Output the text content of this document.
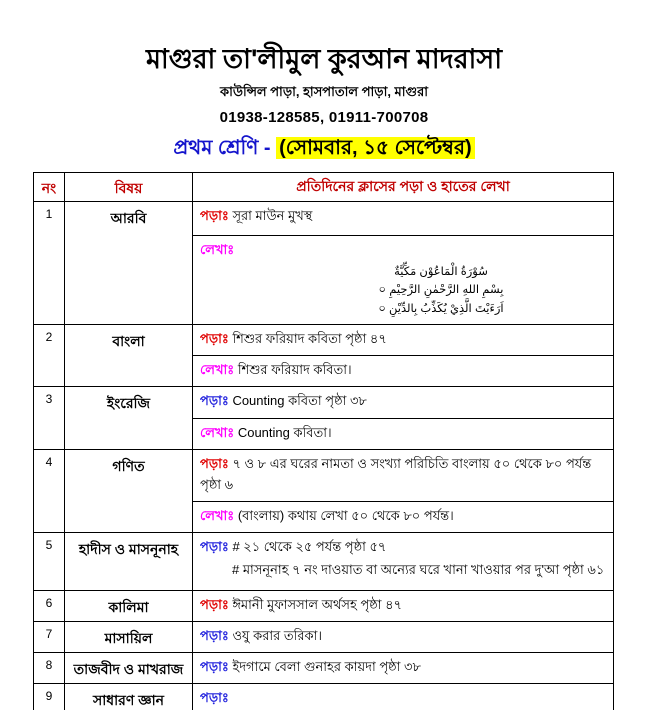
মাগুরা তা'লীমুল কুরআন মাদরাসা
কাউন্সিল পাড়া, হাসপাতাল পাড়া, মাগুরা
01938-128585, 01911-700708
প্রথম শ্রেণি - (সোমবার, ১৫ সেপ্টেম্বর)
নং	বিষয়	প্রতিদিনের ক্লাসের পড়া ও হাতের লেখা
1	আরবি	পড়াঃ সূরা মাউন মুখস্থ
লেখাঃ
سُوْرَةُ الْمَاعُوْن مَكِّيَّةٌ
০ بِسْمِ اللهِ الرَّحْمٰنِ الرَّحِيْمِ
০ اَرَءَيْتَ الَّذِيْ يُكَذِّبُ بِالدِّيْنِ
2	বাংলা	পড়াঃ শিশুর ফরিয়াদ কবিতা পৃষ্ঠা ৪৭
লেখাঃ শিশুর ফরিয়াদ কবিতা।
3	ইংরেজি	পড়াঃ Counting কবিতা পৃষ্ঠা ৩৮
লেখাঃ Counting কবিতা।
4	গণিত	পড়াঃ ৭ ও ৮ এর ঘরের নামতা ও সংখ্যা পরিচিতি বাংলায় ৫০ থেকে ৮০ পর্যন্ত পৃষ্ঠা ৬
লেখাঃ (বাংলায়) কথায় লেখা ৫০ থেকে ৮০ পর্যন্ত।
5	হাদীস ও মাসনূনাহ	পড়াঃ # ২১ থেকে ২৫ পর্যন্ত পৃষ্ঠা ৫৭
# মাসনূনাহ ৭ নং দাওয়াত বা অন্যের ঘরে খানা খাওয়ার পর দু'আ পৃষ্ঠা ৬১
6	কালিমা	পড়াঃ ঈমানী মুফাসসাল অর্থসহ পৃষ্ঠা ৪৭
7	মাসায়িল	পড়াঃ ওযু করার তরিকা।
8	তাজবীদ ও মাখরাজ	পড়াঃ ইদগামে বেলা গুনাহর কায়দা পৃষ্ঠা ৩৮
9	সাধারণ জ্ঞান	পড়াঃ
